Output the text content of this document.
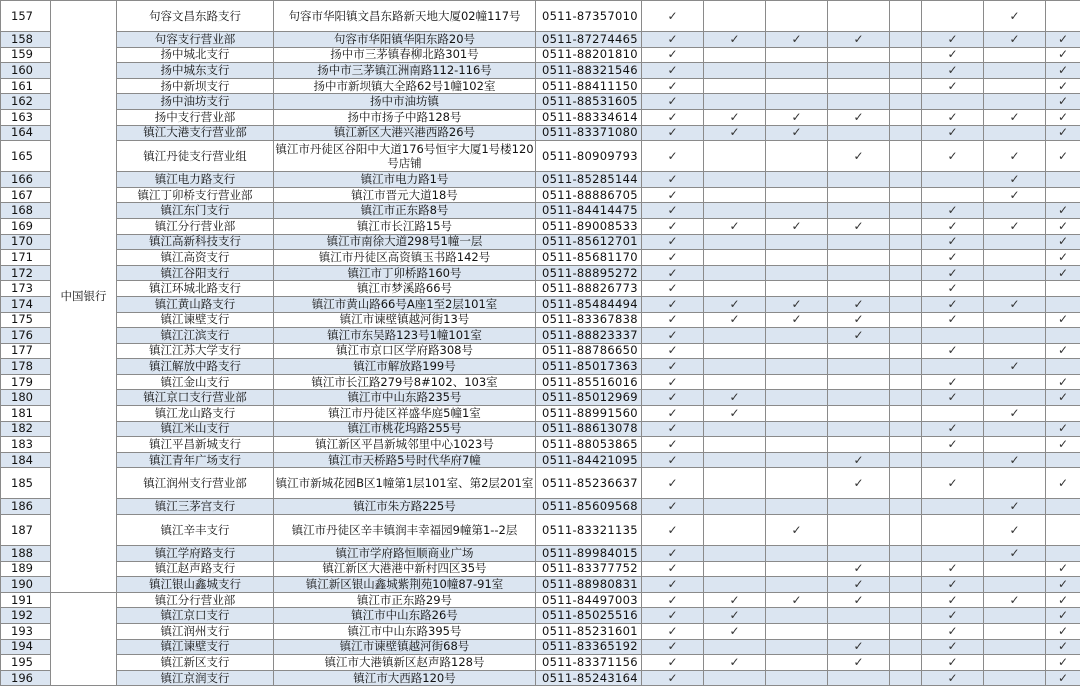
157	中国银行	句容文昌东路支行	句容市华阳镇文昌东路新天地大厦02幢117号	0511-87357010	✓						✓	
158		句容支行营业部	句容市华阳镇华阳东路20号	0511-87274465	✓	✓	✓	✓		✓	✓	✓
159		扬中城北支行	扬中市三茅镇春柳北路301号	0511-88201810	✓					✓		✓
160		扬中城东支行	扬中市三茅镇江洲南路112-116号	0511-88321546	✓					✓		✓
161		扬中新坝支行	扬中市新坝镇大全路62号1幢102室	0511-88411150	✓					✓		✓
162		扬中油坊支行	扬中市油坊镇	0511-88531605	✓							✓
163		扬中支行营业部	扬中市扬子中路128号	0511-88334614	✓	✓	✓	✓		✓	✓	✓
164		镇江大港支行营业部	镇江新区大港兴港西路26号	0511-83371080	✓	✓	✓			✓		✓
165		镇江丹徒支行营业组	镇江市丹徒区谷阳中大道176号恒宇大厦1号楼120号店铺	0511-80909793	✓			✓		✓	✓	✓
166		镇江电力路支行	镇江市电力路1号	0511-85285144	✓						✓	
167		镇江丁卯桥支行营业部	镇江市晋元大道18号	0511-88886705	✓						✓	
168		镇江东门支行	镇江市正东路8号	0511-84414475	✓					✓		✓
169		镇江分行营业部	镇江市长江路15号	0511-89008533	✓	✓	✓	✓		✓	✓	✓
170		镇江高新科技支行	镇江市南徐大道298号1幢一层	0511-85612701	✓					✓		✓
171		镇江高资支行	镇江市丹徒区高资镇玉书路142号	0511-85681170	✓					✓		✓
172		镇江谷阳支行	镇江市丁卯桥路160号	0511-88895272	✓					✓		✓
173		镇江环城北路支行	镇江市梦溪路66号	0511-88826773	✓					✓		
174		镇江黄山路支行	镇江市黄山路66号A座1至2层101室	0511-85484494	✓	✓	✓	✓		✓	✓	
175		镇江谏壁支行	镇江市谏壁镇越河街13号	0511-83367838	✓	✓	✓	✓		✓		✓
176		镇江江滨支行	镇江市东吴路123号1幢101室	0511-88823337	✓			✓				
177		镇江江苏大学支行	镇江市京口区学府路308号	0511-88786650	✓					✓		✓
178		镇江解放中路支行	镇江市解放路199号	0511-85017363	✓						✓	
179		镇江金山支行	镇江市长江路279号8#102、103室	0511-85516016	✓					✓		✓
180		镇江京口支行营业部	镇江市中山东路235号	0511-85012969	✓	✓				✓		✓
181		镇江龙山路支行	镇江市丹徒区祥盛华庭5幢1室	0511-88991560	✓	✓					✓	
182		镇江米山支行	镇江市桃花坞路255号	0511-88613078	✓					✓		✓
183		镇江平昌新城支行	镇江新区平昌新城邻里中心1023号	0511-88053865	✓					✓		✓
184		镇江青年广场支行	镇江市天桥路5号时代华府7幢	0511-84421095	✓			✓			✓	
185		镇江润州支行营业部	镇江市新城花园B区1幢第1层101室、第2层201室	0511-85236637	✓			✓		✓		✓
186		镇江三茅宫支行	镇江市朱方路225号	0511-85609568	✓						✓	
187		镇江辛丰支行	镇江市丹徒区辛丰镇润丰幸福园9幢第1--2层	0511-83321135	✓		✓				✓	
188		镇江学府路支行	镇江市学府路恒顺商业广场	0511-89984015	✓						✓	
189		镇江赵声路支行	镇江新区大港港中新村四区35号	0511-83377752	✓			✓		✓		✓
190		镇江银山鑫城支行	镇江新区银山鑫城紫荆苑10幢87-91室	0511-88980831	✓			✓		✓		✓
191		镇江分行营业部	镇江市正东路29号	0511-84497003	✓	✓	✓	✓		✓	✓	✓
192		镇江京口支行	镇江市中山东路26号	0511-85025516	✓	✓				✓		✓
193		镇江润州支行	镇江市中山东路395号	0511-85231601	✓	✓				✓		✓
194		镇江谏壁支行	镇江市谏壁镇越河街68号	0511-83365192	✓			✓		✓		✓
195		镇江新区支行	镇江市大港镇新区赵声路128号	0511-83371156	✓	✓		✓		✓		✓
196		镇江京润支行	镇江市大西路120号	0511-85243164	✓					✓		✓
